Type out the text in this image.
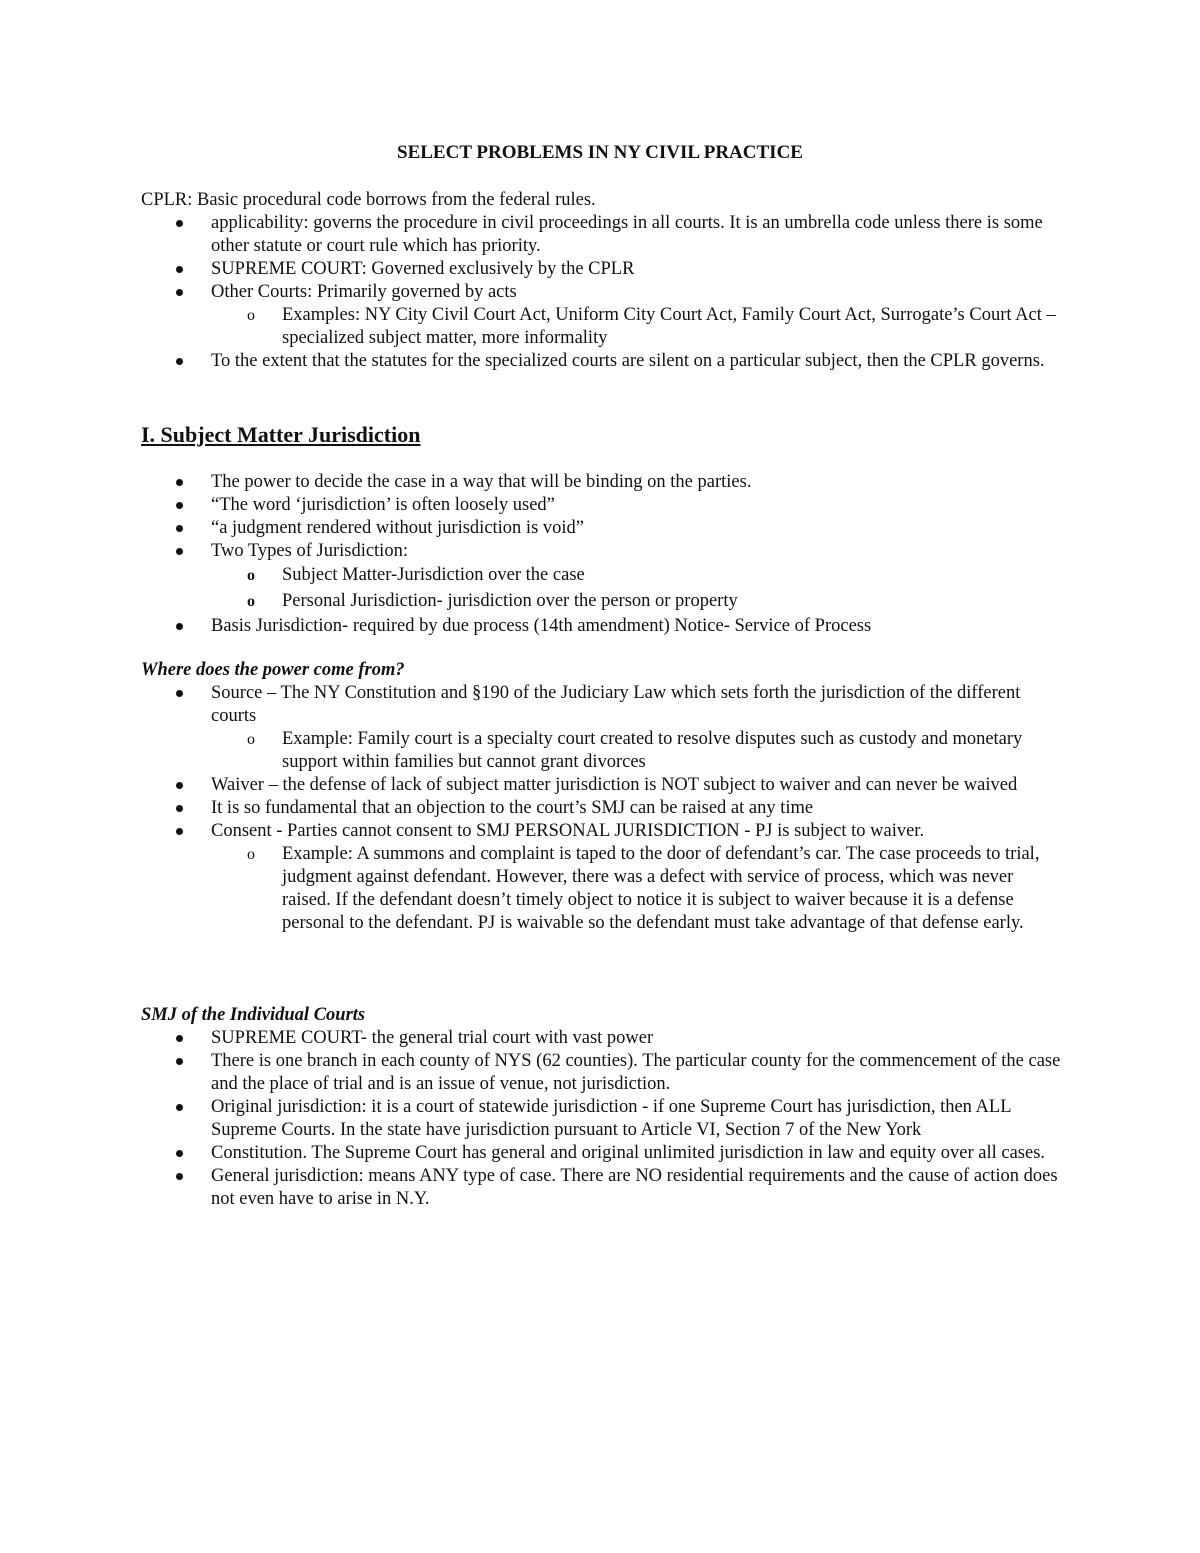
SELECT PROBLEMS IN NY CIVIL PRACTICE

CPLR: Basic procedural code borrows from the federal rules.

applicability: governs the procedure in civil proceedings in all courts. It is an umbrella code unless there is some other statute or court rule which has priority.
SUPREME COURT: Governed exclusively by the CPLR
Other Courts: Primarily governed by acts
o Examples: NY City Civil Court Act, Uniform City Court Act, Family Court Act, Surrogate’s Court Act – specialized subject matter, more informality
To the extent that the statutes for the specialized courts are silent on a particular subject, then the CPLR governs.

I. Subject Matter Jurisdiction

The power to decide the case in a way that will be binding on the parties.
“The word ‘jurisdiction’ is often loosely used”
“a judgment rendered without jurisdiction is void”
Two Types of Jurisdiction:
o Subject Matter-Jurisdiction over the case
o Personal Jurisdiction- jurisdiction over the person or property
Basis Jurisdiction- required by due process (14th amendment) Notice- Service of Process

Where does the power come from?

Source – The NY Constitution and §190 of the Judiciary Law which sets forth the jurisdiction of the different courts
o Example: Family court is a specialty court created to resolve disputes such as custody and monetary support within families but cannot grant divorces
Waiver – the defense of lack of subject matter jurisdiction is NOT subject to waiver and can never be waived
It is so fundamental that an objection to the court’s SMJ can be raised at any time
Consent - Parties cannot consent to SMJ PERSONAL JURISDICTION - PJ is subject to waiver.
o Example: A summons and complaint is taped to the door of defendant’s car. The case proceeds to trial, judgment against defendant. However, there was a defect with service of process, which was never raised. If the defendant doesn’t timely object to notice it is subject to waiver because it is a defense personal to the defendant. PJ is waivable so the defendant must take advantage of that defense early.

SMJ of the Individual Courts

SUPREME COURT- the general trial court with vast power
There is one branch in each county of NYS (62 counties). The particular county for the commencement of the case and the place of trial and is an issue of venue, not jurisdiction.
Original jurisdiction: it is a court of statewide jurisdiction - if one Supreme Court has jurisdiction, then ALL Supreme Courts. In the state have jurisdiction pursuant to Article VI, Section 7 of the New York
Constitution. The Supreme Court has general and original unlimited jurisdiction in law and equity over all cases.
General jurisdiction: means ANY type of case. There are NO residential requirements and the cause of action does not even have to arise in N.Y.
